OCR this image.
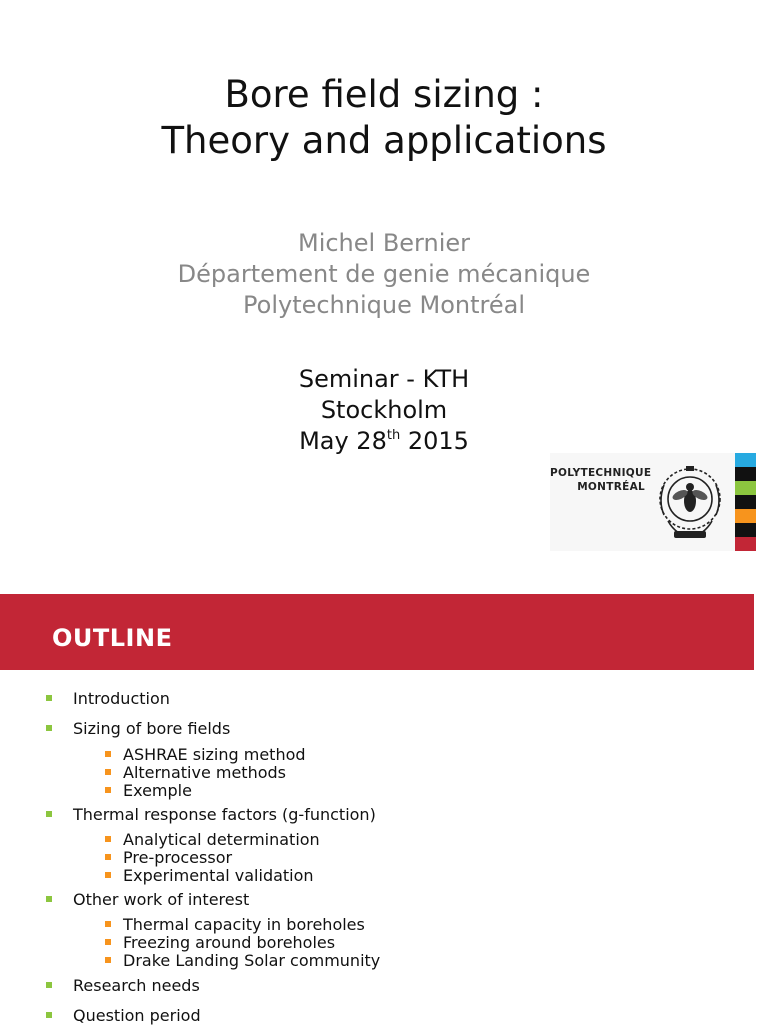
Bore field sizing :
Theory and applications
Michel Bernier
Département de genie mécanique
Polytechnique Montréal
Seminar - KTH
Stockholm
May 28th 2015
POLYTECHNIQUE
MONTRÉAL
OUTLINE
Introduction
Sizing of bore fields
ASHRAE sizing method
Alternative methods
Exemple
Thermal response factors (g-function)
Analytical determination
Pre-processor
Experimental validation
Other work of interest
Thermal capacity in boreholes
Freezing around boreholes
Drake Landing Solar community
Research needs
Question period
